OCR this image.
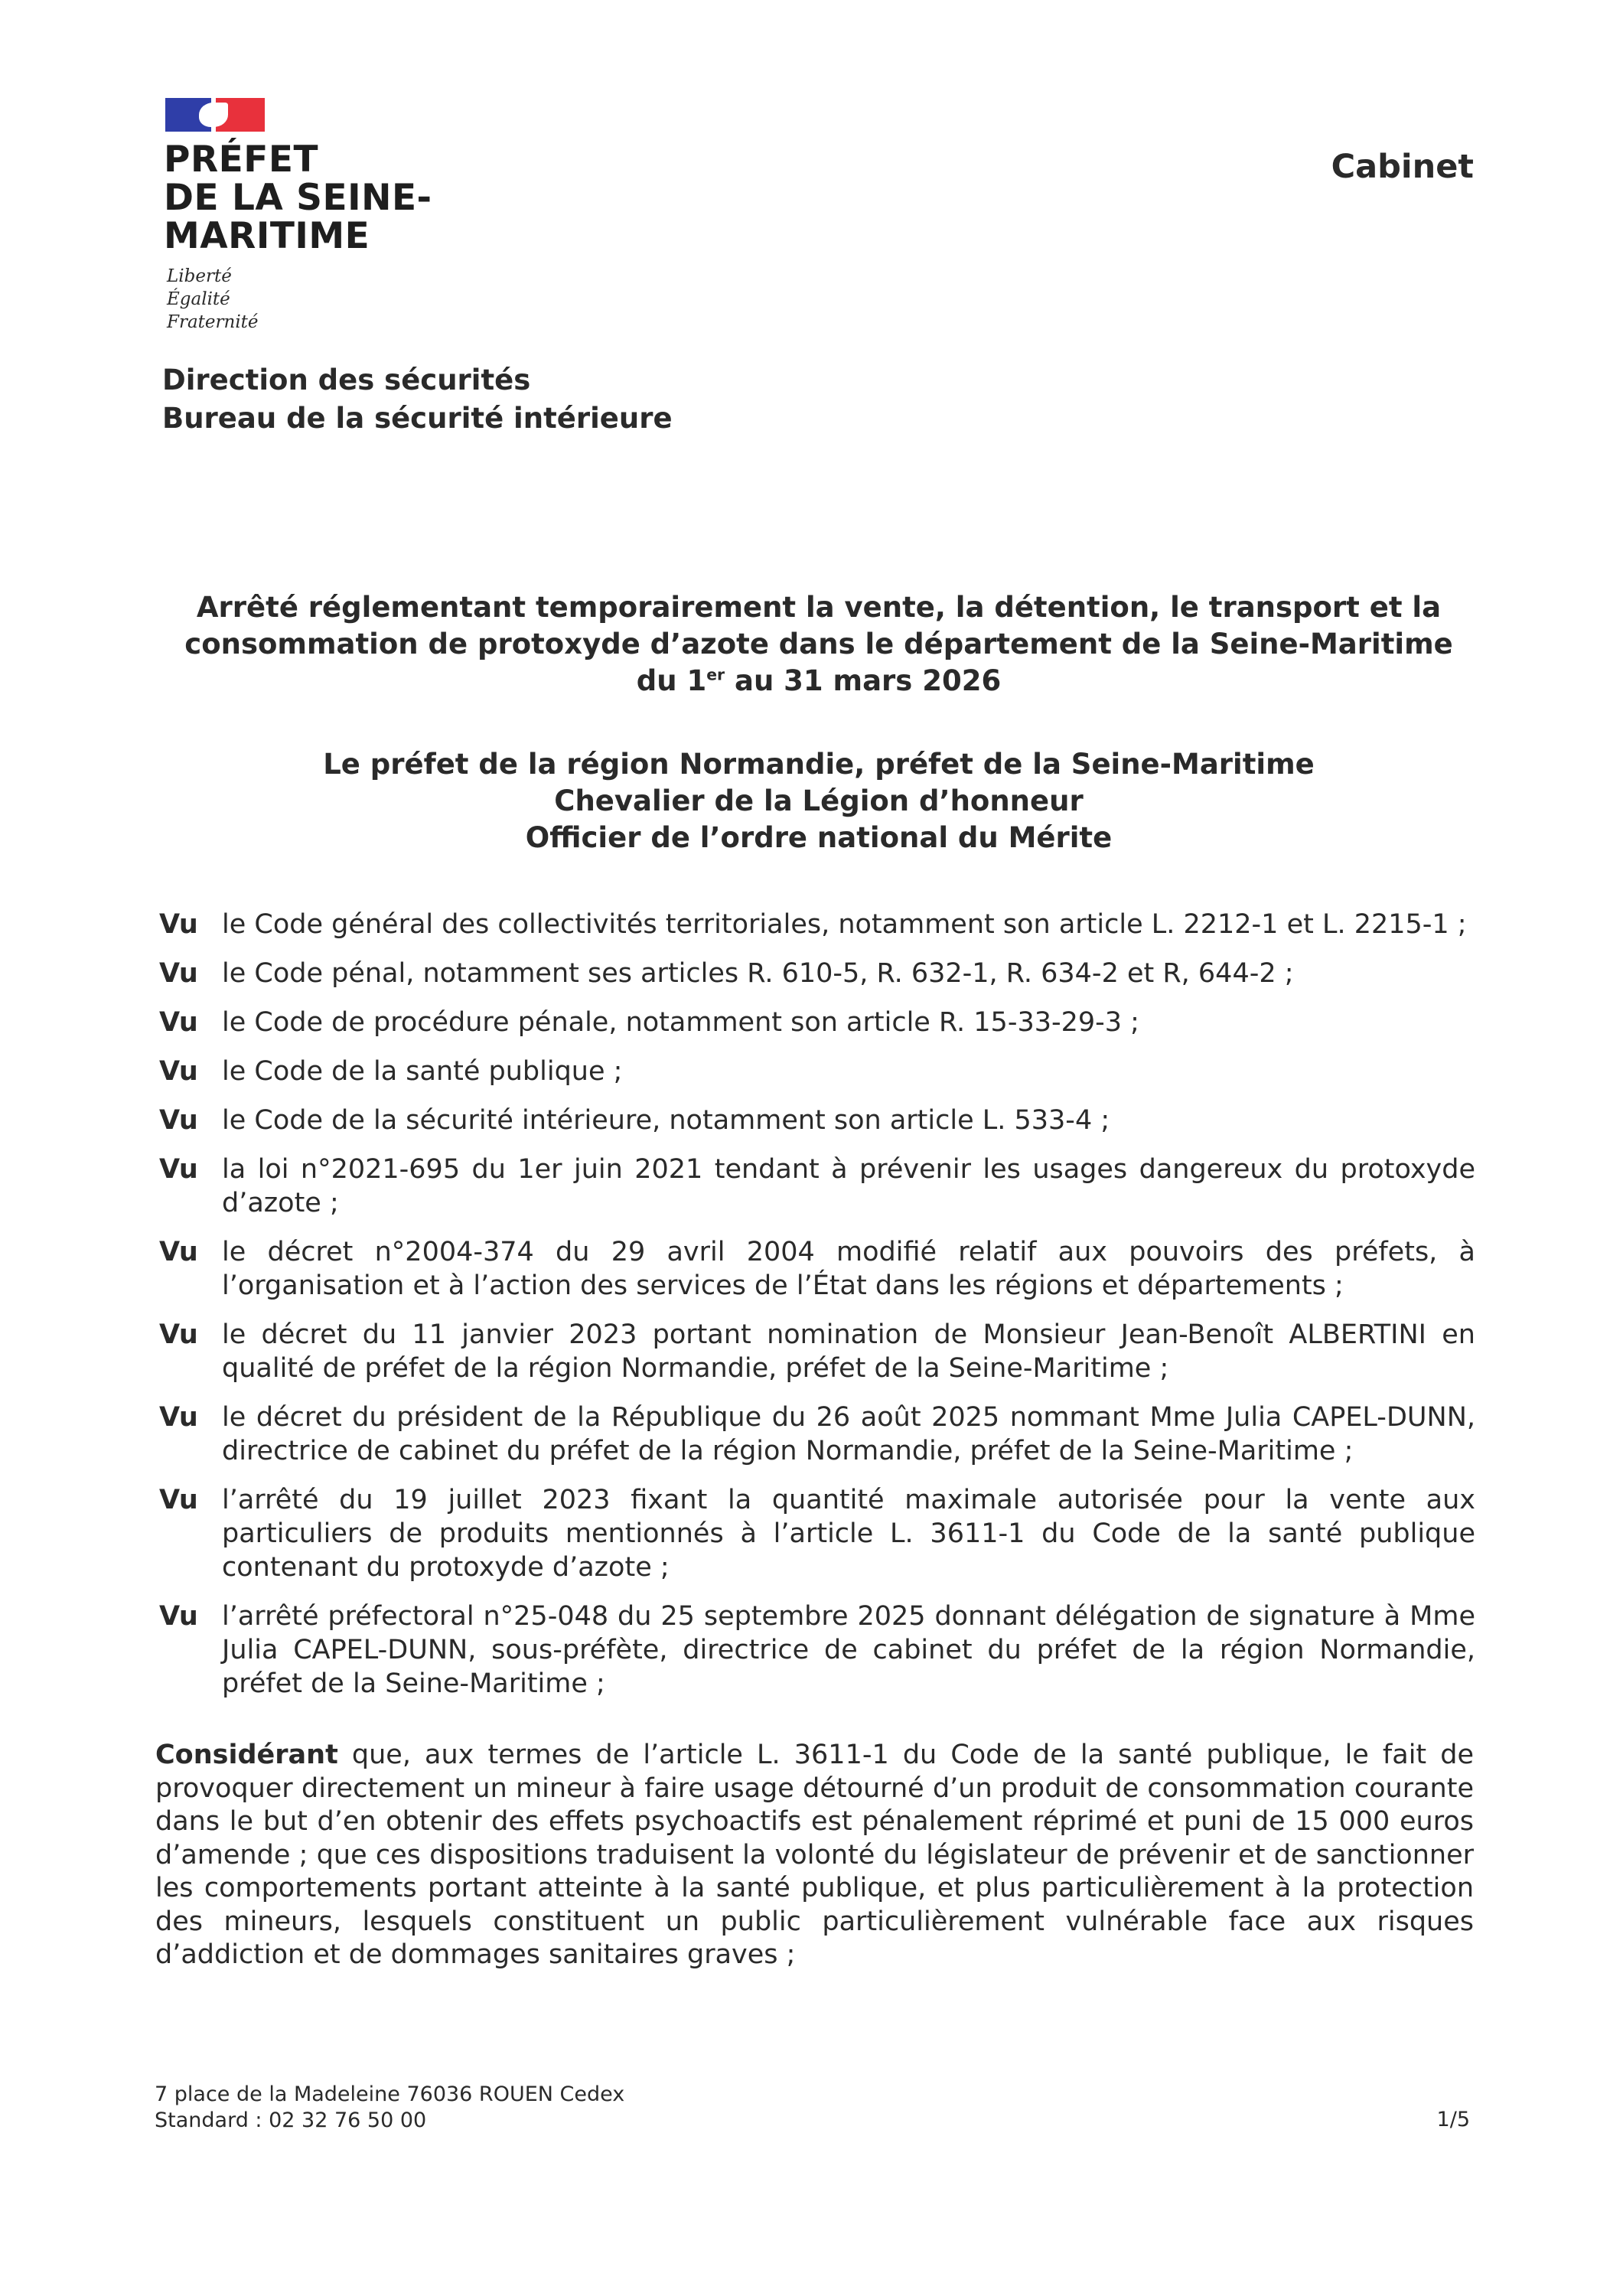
PRÉFET
DE LA SEINE-
MARITIME
Liberté
Égalité
Fraternité
Cabinet
Direction des sécurités
Bureau de la sécurité intérieure
Arrêté réglementant temporairement la vente, la détention, le transport et la
consommation de protoxyde d’azote dans le département de la Seine-Maritime
du 1er au 31 mars 2026
Le préfet de la région Normandie, préfet de la Seine-Maritime
Chevalier de la Légion d’honneur
Officier de l’ordre national du Mérite
Vu le Code général des collectivités territoriales, notamment son article L. 2212-1 et L. 2215-1 ;
Vu le Code pénal, notamment ses articles R. 610-5, R. 632-1, R. 634-2 et R, 644-2 ;
Vu le Code de procédure pénale, notamment son article R. 15-33-29-3 ;
Vu le Code de la santé publique ;
Vu le Code de la sécurité intérieure, notamment son article L. 533-4 ;
Vu la loi n°2021-695 du 1er juin 2021 tendant à prévenir les usages dangereux du protoxyde d’azote ;
Vu le décret n°2004-374 du 29 avril 2004 modifié relatif aux pouvoirs des préfets, à l’organisation et à l’action des services de l’État dans les régions et départements ;
Vu le décret du 11 janvier 2023 portant nomination de Monsieur Jean-Benoît ALBERTINI en qualité de préfet de la région Normandie, préfet de la Seine-Maritime ;
Vu le décret du président de la République du 26 août 2025 nommant Mme Julia CAPEL-DUNN, directrice de cabinet du préfet de la région Normandie, préfet de la Seine-Maritime ;
Vu l’arrêté du 19 juillet 2023 fixant la quantité maximale autorisée pour la vente aux particuliers de produits mentionnés à l’article L. 3611-1 du Code de la santé publique contenant du protoxyde d’azote ;
Vu l’arrêté préfectoral n°25-048 du 25 septembre 2025 donnant délégation de signature à Mme Julia CAPEL-DUNN, sous-préfète, directrice de cabinet du préfet de la région Normandie, préfet de la Seine-Maritime ;
Considérant que, aux termes de l’article L. 3611-1 du Code de la santé publique, le fait de provoquer directement un mineur à faire usage détourné d’un produit de consommation courante dans le but d’en obtenir des effets psychoactifs est pénalement réprimé et puni de 15 000 euros d’amende ; que ces dispositions traduisent la volonté du législateur de prévenir et de sanctionner les comportements portant atteinte à la santé publique, et plus particulièrement à la protection des mineurs, lesquels constituent un public particulièrement vulnérable face aux risques d’addiction et de dommages sanitaires graves ;
7 place de la Madeleine 76036 ROUEN Cedex
Standard : 02 32 76 50 00	1/5
